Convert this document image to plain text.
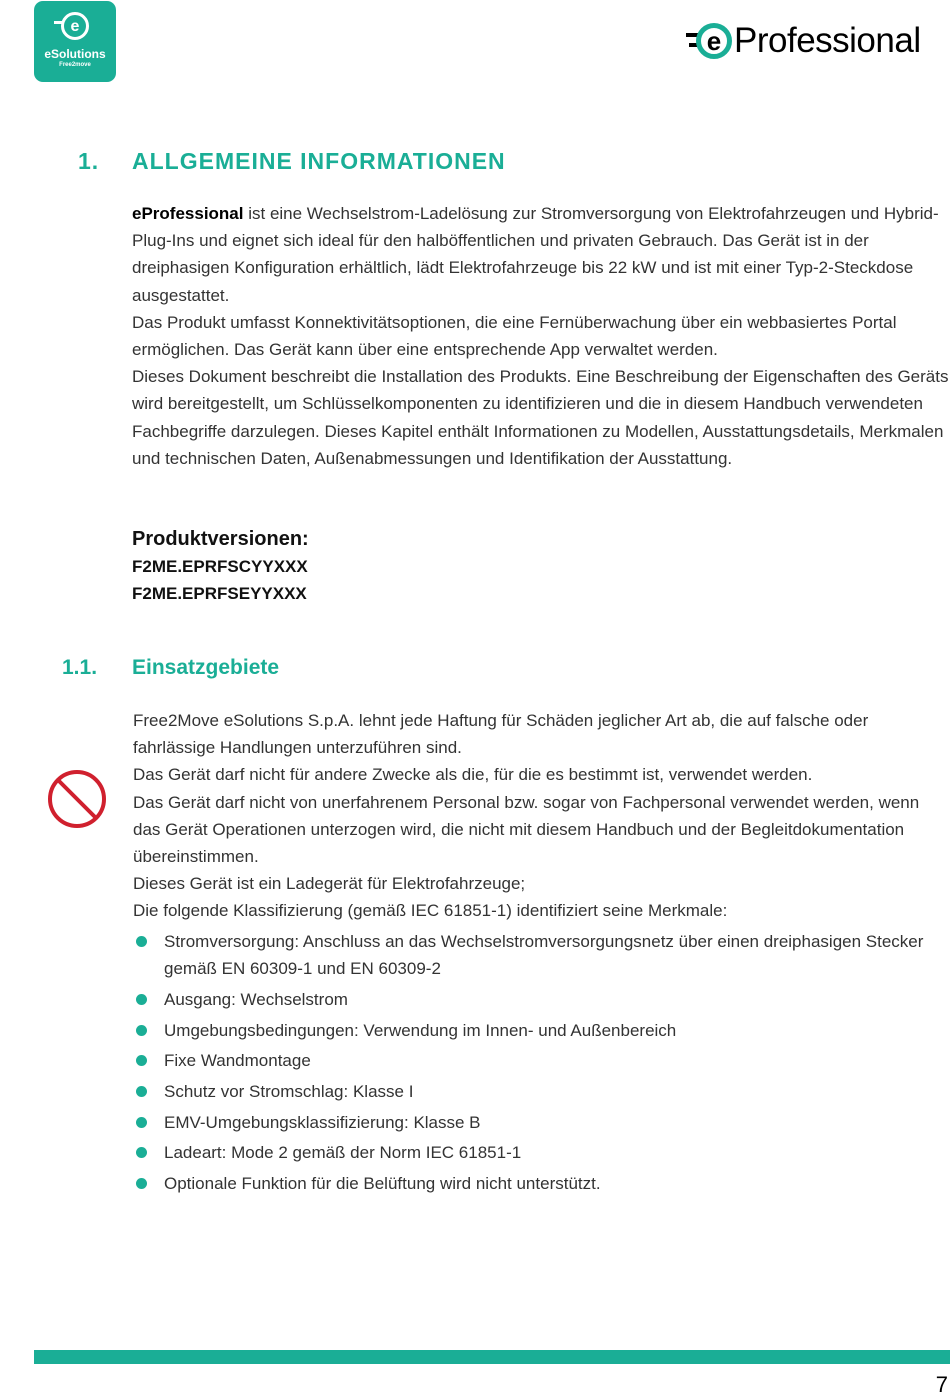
e
eSolutions
Free2move
e Professional
1. ALLGEMEINE INFORMATIONEN

eProfessional ist eine Wechselstrom-Ladelösung zur Stromversorgung von Elektrofahrzeugen und Hybrid-Plug-Ins und eignet sich ideal für den halböffentlichen und privaten Gebrauch. Das Gerät ist in der dreiphasigen Konfiguration erhältlich, lädt Elektrofahrzeuge bis 22 kW und ist mit einer Typ-2-Steckdose ausgestattet.

Das Produkt umfasst Konnektivitätsoptionen, die eine Fernüberwachung über ein webbasiertes Portal ermöglichen. Das Gerät kann über eine entsprechende App verwaltet werden.

Dieses Dokument beschreibt die Installation des Produkts. Eine Beschreibung der Eigenschaften des Geräts wird bereitgestellt, um Schlüsselkomponenten zu identifizieren und die in diesem Handbuch verwendeten Fachbegriffe darzulegen. Dieses Kapitel enthält Informationen zu Modellen, Ausstattungsdetails, Merkmalen und technischen Daten, Außenabmessungen und Identifikation der Ausstattung.

Produktversionen:
F2ME.EPRFSCYYXXX
F2ME.EPRFSEYYXXX
1.1. Einsatzgebiete

Free2Move eSolutions S.p.A. lehnt jede Haftung für Schäden jeglicher Art ab, die auf falsche oder fahrlässige Handlungen unterzuführen sind.

Das Gerät darf nicht für andere Zwecke als die, für die es bestimmt ist, verwendet werden.

Das Gerät darf nicht von unerfahrenem Personal bzw. sogar von Fachpersonal verwendet werden, wenn das Gerät Operationen unterzogen wird, die nicht mit diesem Handbuch und der Begleitdokumentation übereinstimmen.

Dieses Gerät ist ein Ladegerät für Elektrofahrzeuge;

Die folgende Klassifizierung (gemäß IEC 61851-1) identifiziert seine Merkmale:

Stromversorgung: Anschluss an das Wechselstromversorgungsnetz über einen dreiphasigen Stecker gemäß EN 60309-1 und EN 60309-2
Ausgang: Wechselstrom
Umgebungsbedingungen: Verwendung im Innen- und Außenbereich
Fixe Wandmontage
Schutz vor Stromschlag: Klasse I
EMV-Umgebungsklassifizierung: Klasse B
Ladeart: Mode 2 gemäß der Norm IEC 61851-1
Optionale Funktion für die Belüftung wird nicht unterstützt.
7
